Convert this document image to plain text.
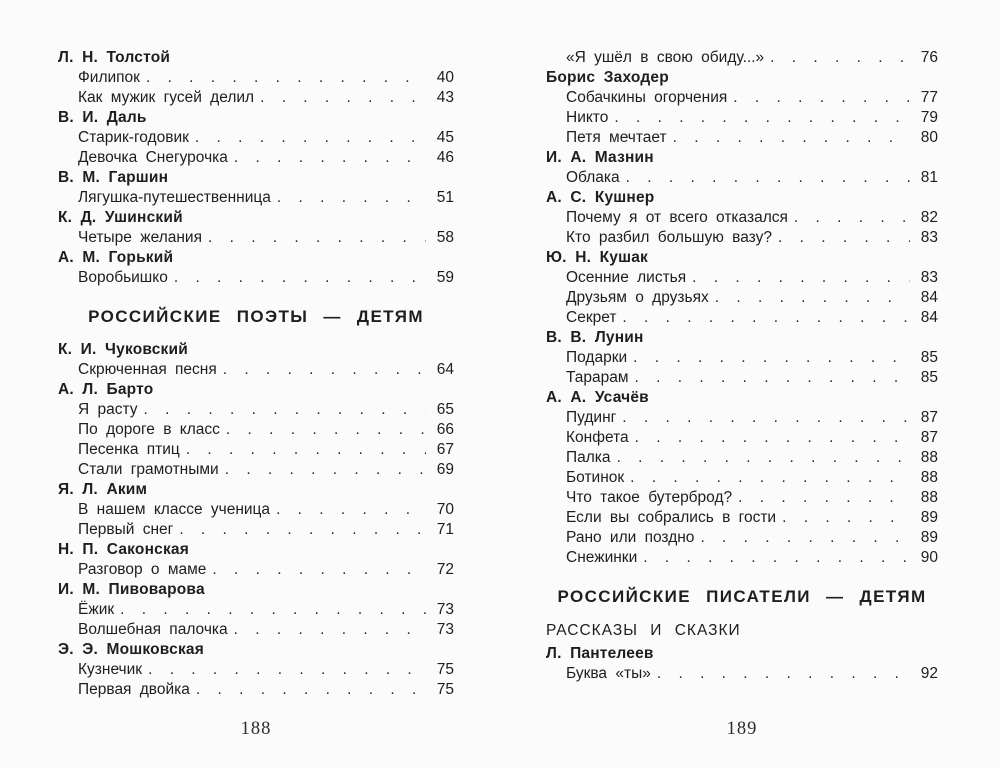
Л. Н. Толстой
Филипок . . .	40
Как мужик гусей делил . . .	43
В. И. Даль
Старик-годовик . . .	45
Девочка Снегурочка . . .	46
В. М. Гаршин
Лягушка-путешественница . . .	51
К. Д. Ушинский
Четыре желания . . .	58
А. М. Горький
Воробьишко . . .	59
РОССИЙСКИЕ ПОЭТЫ — ДЕТЯМ
К. И. Чуковский
Скрюченная песня . . .	64
А. Л. Барто
Я расту . . .	65
По дороге в класс . . .	66
Песенка птиц . . .	67
Стали грамотными . . .	69
Я. Л. Аким
В нашем классе ученица . . .	70
Первый снег . . .	71
Н. П. Саконская
Разговор о маме . . .	72
И. М. Пивоварова
Ёжик . . .	73
Волшебная палочка . . .	73
Э. Э. Мошковская
Кузнечик . . .	75
Первая двойка . . .	75
188
«Я ушёл в свою обиду...» . . .	76
Борис Заходер
Собачкины огорчения . . .	77
Никто . . .	79
Петя мечтает . . .	80
И. А. Мазнин
Облака . . .	81
А. С. Кушнер
Почему я от всего отказался . . .	82
Кто разбил большую вазу? . . .	83
Ю. Н. Кушак
Осенние листья . . .	83
Друзьям о друзьях . . .	84
Секрет . . .	84
В. В. Лунин
Подарки . . .	85
Тарарам . . .	85
А. А. Усачёв
Пудинг . . .	87
Конфета . . .	87
Палка . . .	88
Ботинок . . .	88
Что такое бутерброд? . . .	88
Если вы собрались в гости . . .	89
Рано или поздно . . .	89
Снежинки . . .	90
РОССИЙСКИЕ ПИСАТЕЛИ — ДЕТЯМ
РАССКАЗЫ И СКАЗКИ
Л. Пантелеев
Буква «ты» . . .	92
189
